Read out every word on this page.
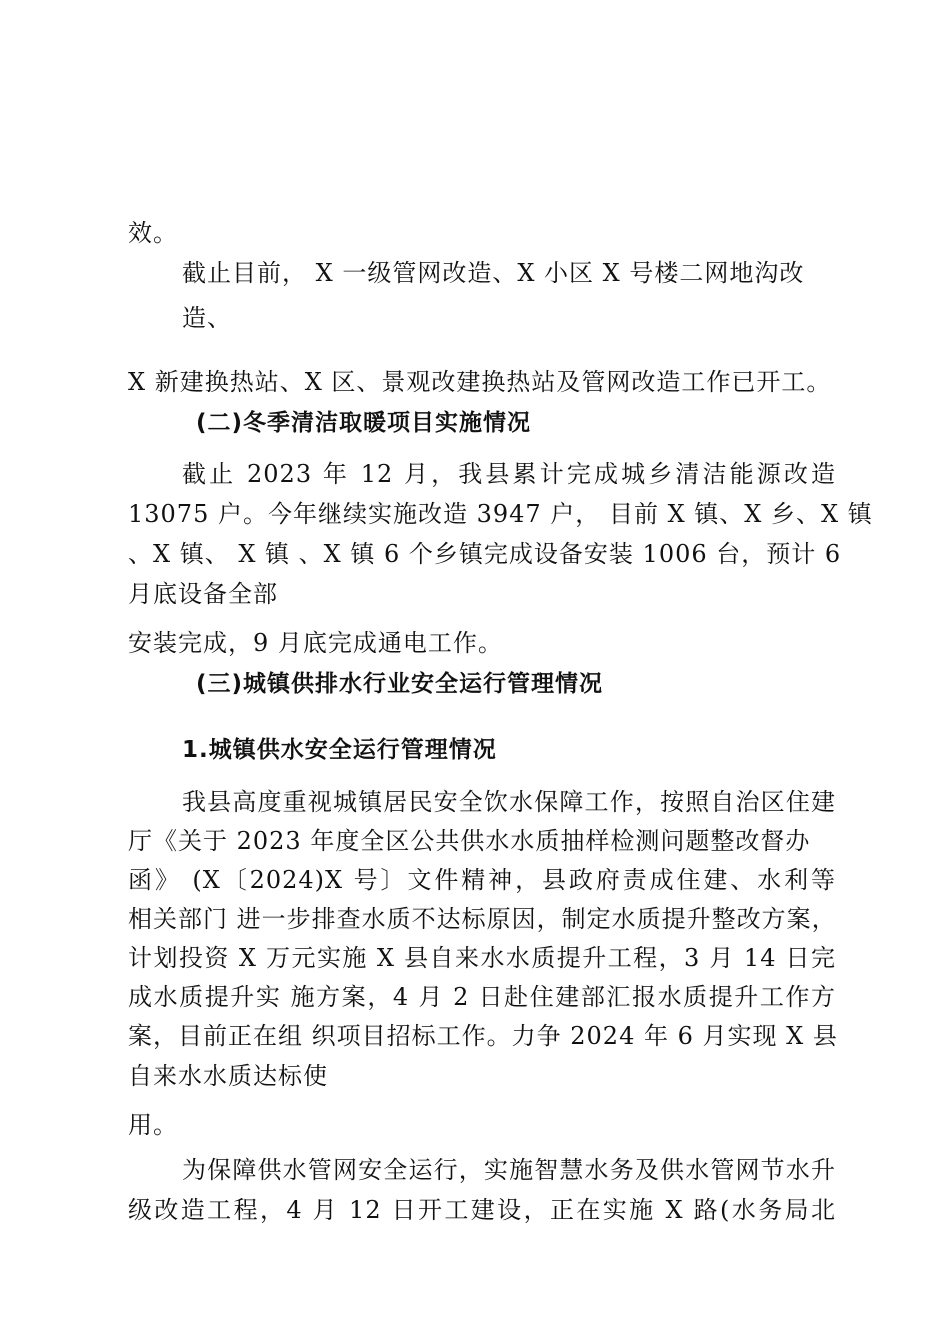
效。
截止目前， X 一级管网改造、X 小区 X 号楼二网地沟改
造、
X 新建换热站、X 区、景观改建换热站及管网改造工作已开工。
(二)冬季清洁取暖项目实施情况
截止 2023 年 12 月，我县累计完成城乡清洁能源改造
13075 户。今年继续实施改造 3947 户， 目前 X 镇、X 乡、X 镇
、X 镇、 X 镇 、X 镇 6 个乡镇完成设备安装 1006 台，预计 6
月底设备全部
安装完成，9 月底完成通电工作。
(三)城镇供排水行业安全运行管理情况
1.城镇供水安全运行管理情况
我县高度重视城镇居民安全饮水保障工作，按照自治区住建
厅《关于 2023 年度全区公共供水水质抽样检测问题整改督办
函》 (X〔2024)X 号〕文件精神，县政府责成住建、水利等
相关部门 进一步排查水质不达标原因，制定水质提升整改方案，
计划投资 X 万元实施 X 县自来水水质提升工程，3 月 14 日完
成水质提升实 施方案，4 月 2 日赴住建部汇报水质提升工作方
案，目前正在组 织项目招标工作。力争 2024 年 6 月实现 X 县
自来水水质达标使
用。
为保障供水管网安全运行，实施智慧水务及供水管网节水升
级改造工程，4 月 12 日开工建设，正在实施 X 路(水务局北
